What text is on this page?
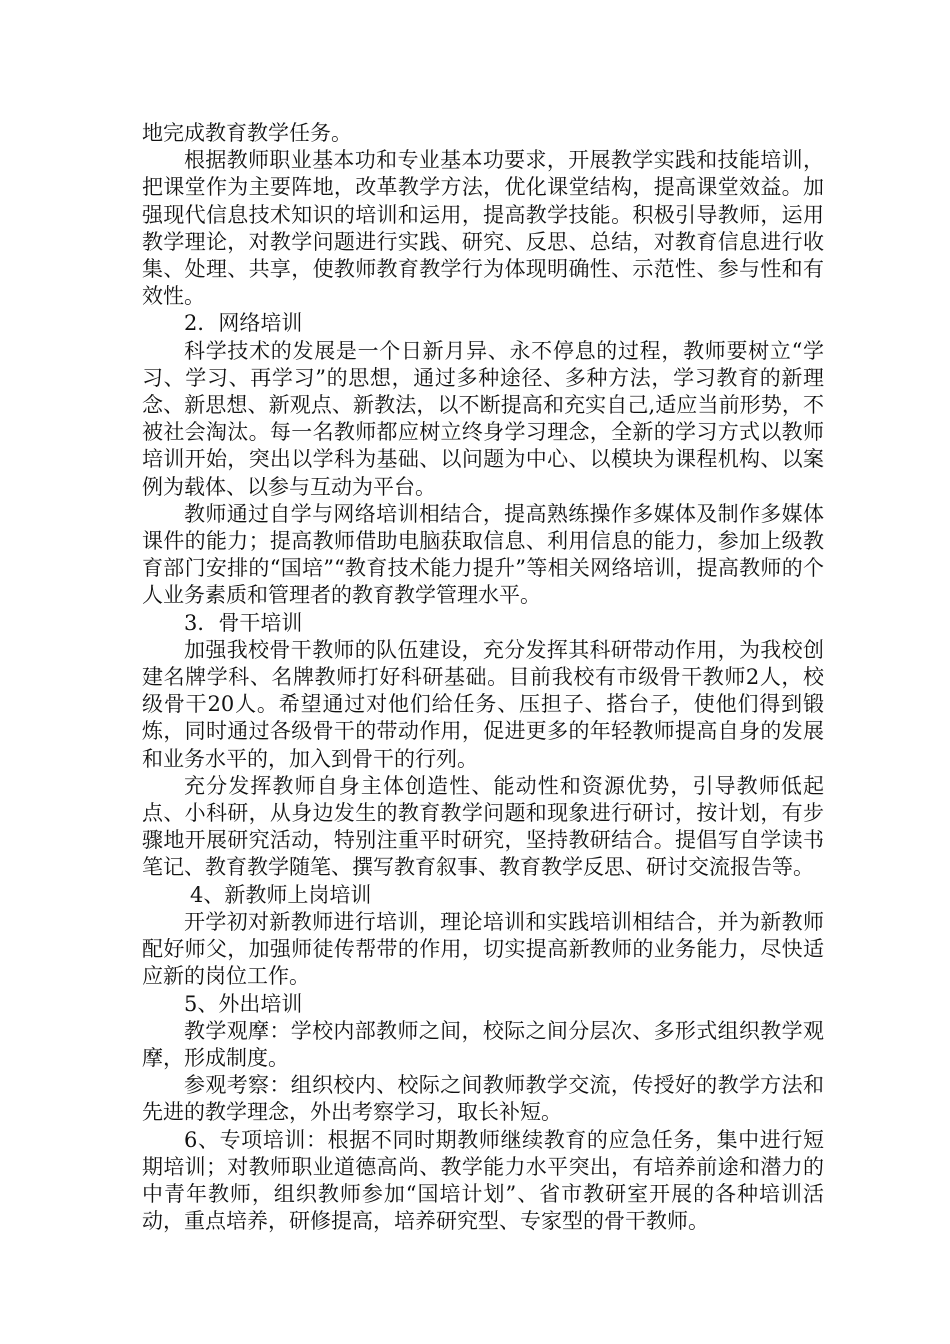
地完成教育教学任务。

根据教师职业基本功和专业基本功要求，开展教学实践和技能培训，把课堂作为主要阵地，改革教学方法，优化课堂结构，提高课堂效益。加强现代信息技术知识的培训和运用，提高教学技能。积极引导教师，运用教学理论，对教学问题进行实践、研究、反思、总结，对教育信息进行收集、处理、共享，使教师教育教学行为体现明确性、示范性、参与性和有效性。

2．网络培训

科学技术的发展是一个日新月异、永不停息的过程，教师要树立“学习、学习、再学习”的思想，通过多种途径、多种方法，学习教育的新理念、新思想、新观点、新教法，以不断提高和充实自己,适应当前形势，不被社会淘汰。每一名教师都应树立终身学习理念，全新的学习方式以教师培训开始，突出以学科为基础、以问题为中心、以模块为课程机构、以案例为载体、以参与互动为平台。

教师通过自学与网络培训相结合，提高熟练操作多媒体及制作多媒体课件的能力；提高教师借助电脑获取信息、利用信息的能力，参加上级教育部门安排的“国培”“教育技术能力提升”等相关网络培训，提高教师的个人业务素质和管理者的教育教学管理水平。

3．骨干培训

加强我校骨干教师的队伍建设，充分发挥其科研带动作用，为我校创建名牌学科、名牌教师打好科研基础。目前我校有市级骨干教师2人，校级骨干20人。希望通过对他们给任务、压担子、搭台子，使他们得到锻炼，同时通过各级骨干的带动作用，促进更多的年轻教师提高自身的发展和业务水平的，加入到骨干的行列。

充分发挥教师自身主体创造性、能动性和资源优势，引导教师低起点、小科研，从身边发生的教育教学问题和现象进行研讨，按计划，有步骤地开展研究活动，特别注重平时研究，坚持教研结合。提倡写自学读书笔记、教育教学随笔、撰写教育叙事、教育教学反思、研讨交流报告等。

4、新教师上岗培训

开学初对新教师进行培训，理论培训和实践培训相结合，并为新教师配好师父，加强师徒传帮带的作用，切实提高新教师的业务能力，尽快适应新的岗位工作。

5、外出培训

教学观摩：学校内部教师之间，校际之间分层次、多形式组织教学观摩，形成制度。

参观考察：组织校内、校际之间教师教学交流，传授好的教学方法和先进的教学理念，外出考察学习，取长补短。

6、专项培训：根据不同时期教师继续教育的应急任务，集中进行短期培训；对教师职业道德高尚、教学能力水平突出，有培养前途和潜力的中青年教师，组织教师参加“国培计划”、省市教研室开展的各种培训活动，重点培养，研修提高，培养研究型、专家型的骨干教师。
